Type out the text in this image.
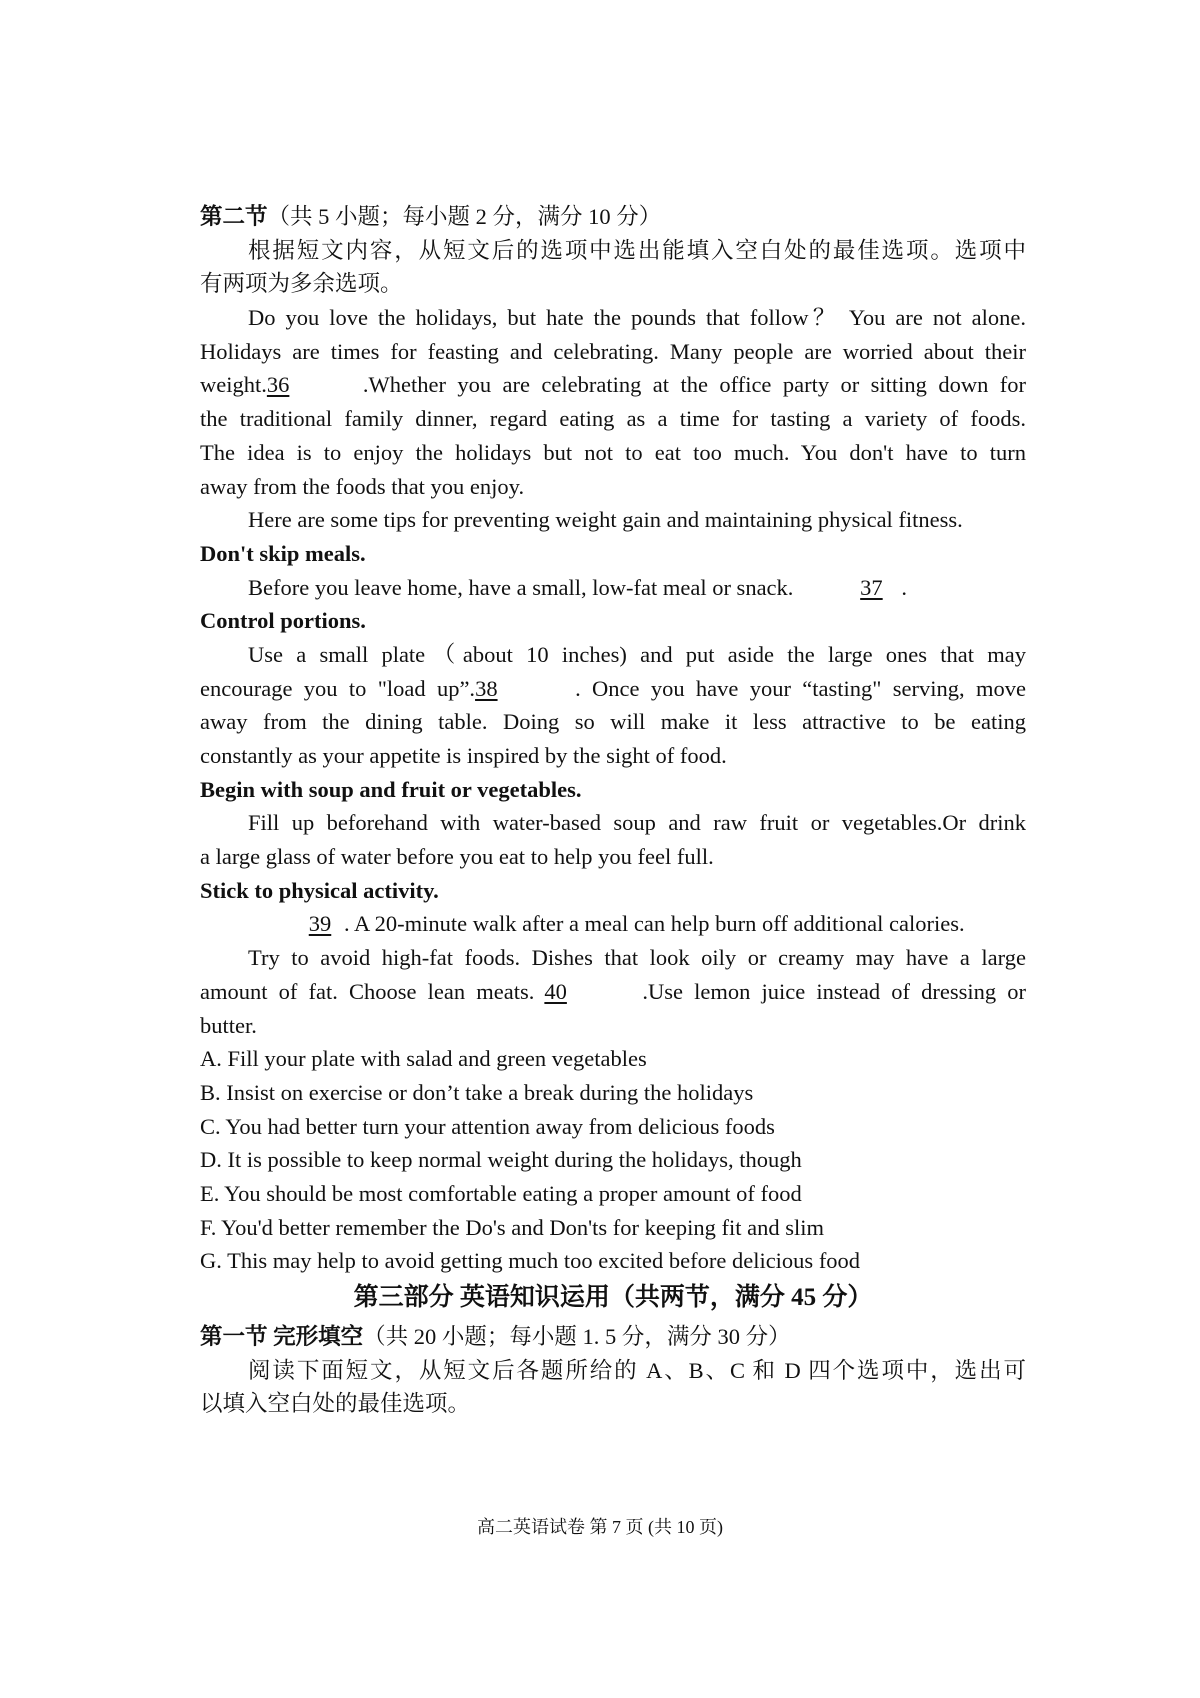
第二节（共 5 小题；每小题 2 分，满分 10 分）
根据短文内容，从短文后的选项中选出能填入空白处的最佳选项。选项中
有两项为多余选项。
Do you love the holidays, but hate the pounds that follow？ You are not alone.
Holidays are times for feasting and celebrating. Many people are worried about their
weight.36	.Whether you are celebrating at the office party or sitting down for
the traditional family dinner, regard eating as a time for tasting a variety of foods.
The idea is to enjoy the holidays but not to eat too much. You don't have to turn
away from the foods that you enjoy.
Here are some tips for preventing weight gain and maintaining physical fitness.
Don't skip meals.
Before you leave home, have a small, low-fat meal or snack.	37 .
Control portions.
Use a small plate（about 10 inches) and put aside the large ones that may
encourage you to "load up”.38	. Once you have your “tasting" serving, move
away from the dining table. Doing so will make it less attractive to be eating
constantly as your appetite is inspired by the sight of food.
Begin with soup and fruit or vegetables.
Fill up beforehand with water-based soup and raw fruit or vegetables.Or drink
a large glass of water before you eat to help you feel full.
Stick to physical activity.
39 . A 20-minute walk after a meal can help burn off additional calories.
Try to avoid high-fat foods. Dishes that look oily or creamy may have a large
amount of fat. Choose lean meats. 40	.Use lemon juice instead of dressing or
butter.
A. Fill your plate with salad and green vegetables
B. Insist on exercise or don’t take a break during the holidays
C. You had better turn your attention away from delicious foods
D. It is possible to keep normal weight during the holidays, though
E. You should be most comfortable eating a proper amount of food
F. You'd better remember the Do's and Don'ts for keeping fit and slim
G. This may help to avoid getting much too excited before delicious food
第三部分 英语知识运用（共两节，满分 45 分）
第一节 完形填空（共 20 小题；每小题 1. 5 分，满分 30 分）
阅读下面短文，从短文后各题所给的 A、B、C 和 D 四个选项中，选出可
以填入空白处的最佳选项。
高二英语试卷 第 7 页 (共 10 页)
